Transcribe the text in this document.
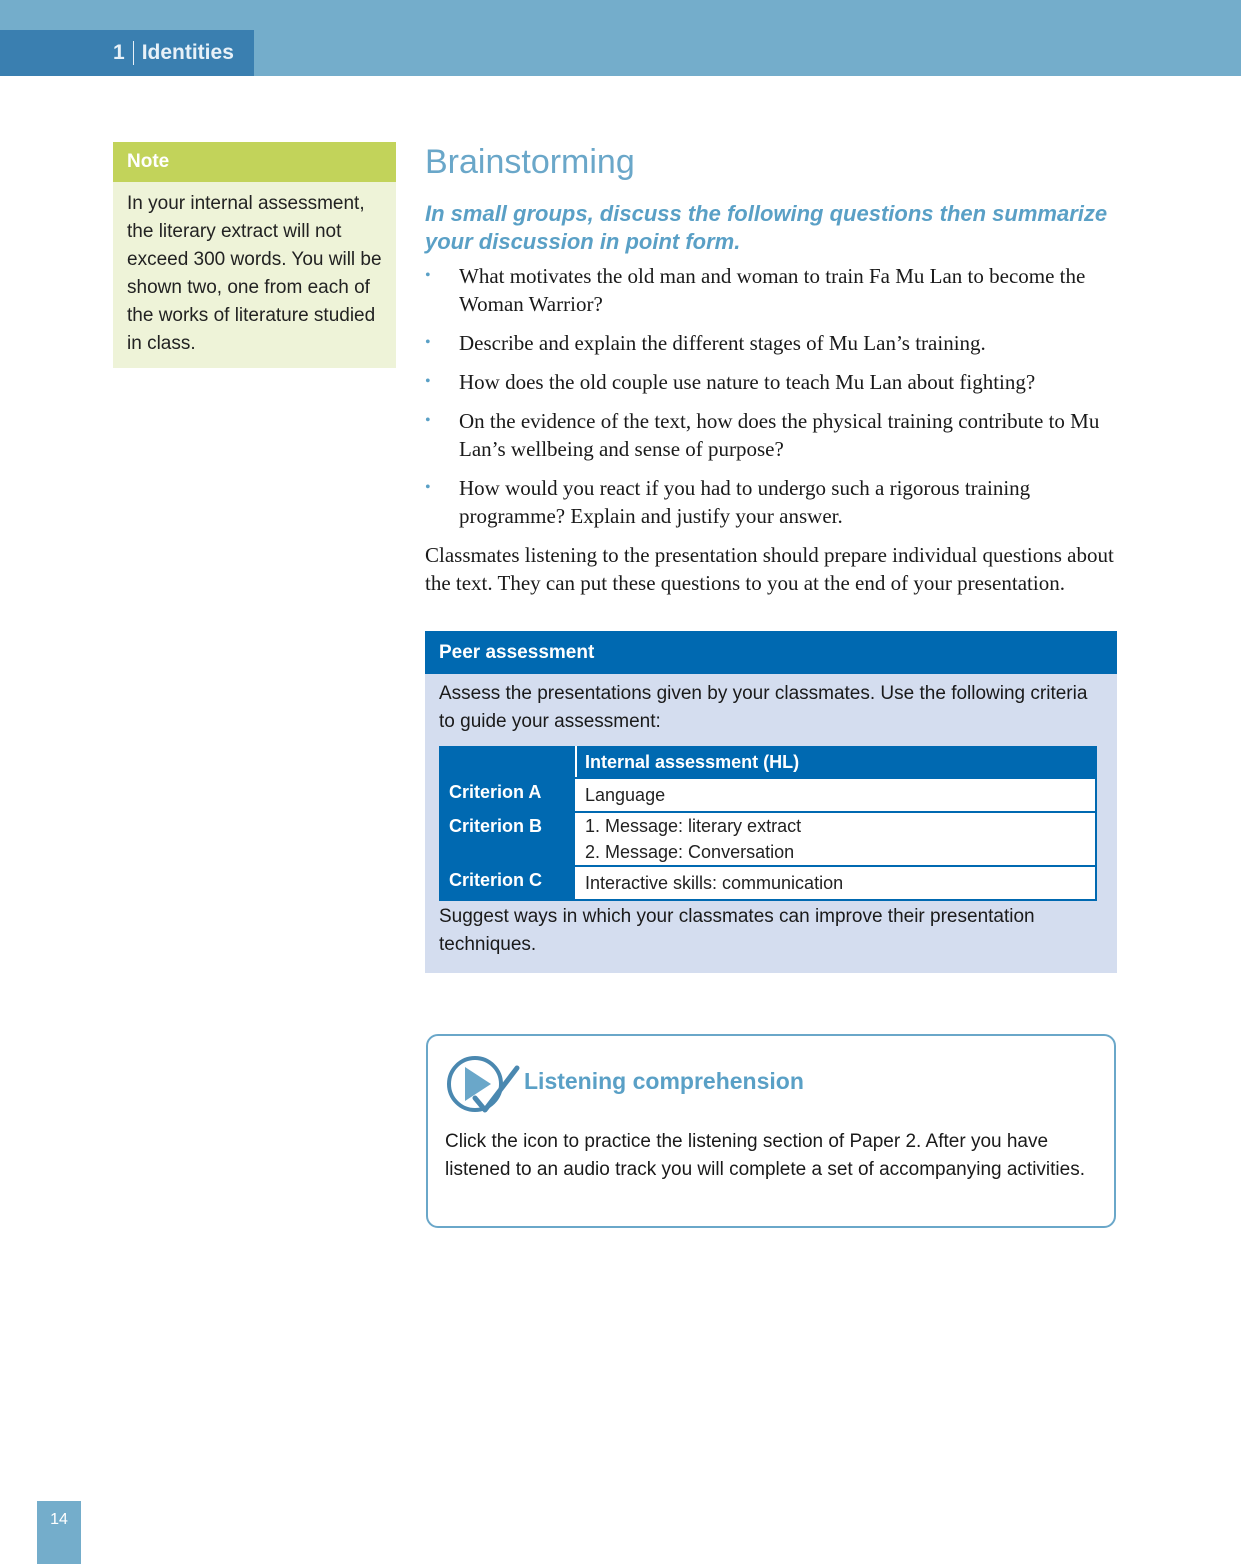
1 Identities
Note
In your internal assessment, the literary extract will not exceed 300 words. You will be shown two, one from each of the works of literature studied in class.
Brainstorming
In small groups, discuss the following questions then summarize your discussion in point form.
• What motivates the old man and woman to train Fa Mu Lan to become the Woman Warrior?
• Describe and explain the different stages of Mu Lan’s training.
• How does the old couple use nature to teach Mu Lan about fighting?
• On the evidence of the text, how does the physical training contribute to Mu Lan’s wellbeing and sense of purpose?
• How would you react if you had to undergo such a rigorous training programme? Explain and justify your answer.
Classmates listening to the presentation should prepare individual questions about the text. They can put these questions to you at the end of your presentation.
Peer assessment
Assess the presentations given by your classmates. Use the following criteria to guide your assessment:
	Internal assessment (HL)
Criterion A	Language

Criterion B	1. Message: literary extract
2. Message: Conversation

Criterion C	Interactive skills: communication
Suggest ways in which your classmates can improve their presentation techniques.
Listening comprehension
Click the icon to practice the listening section of Paper 2. After you have listened to an audio track you will complete a set of accompanying activities.
14
